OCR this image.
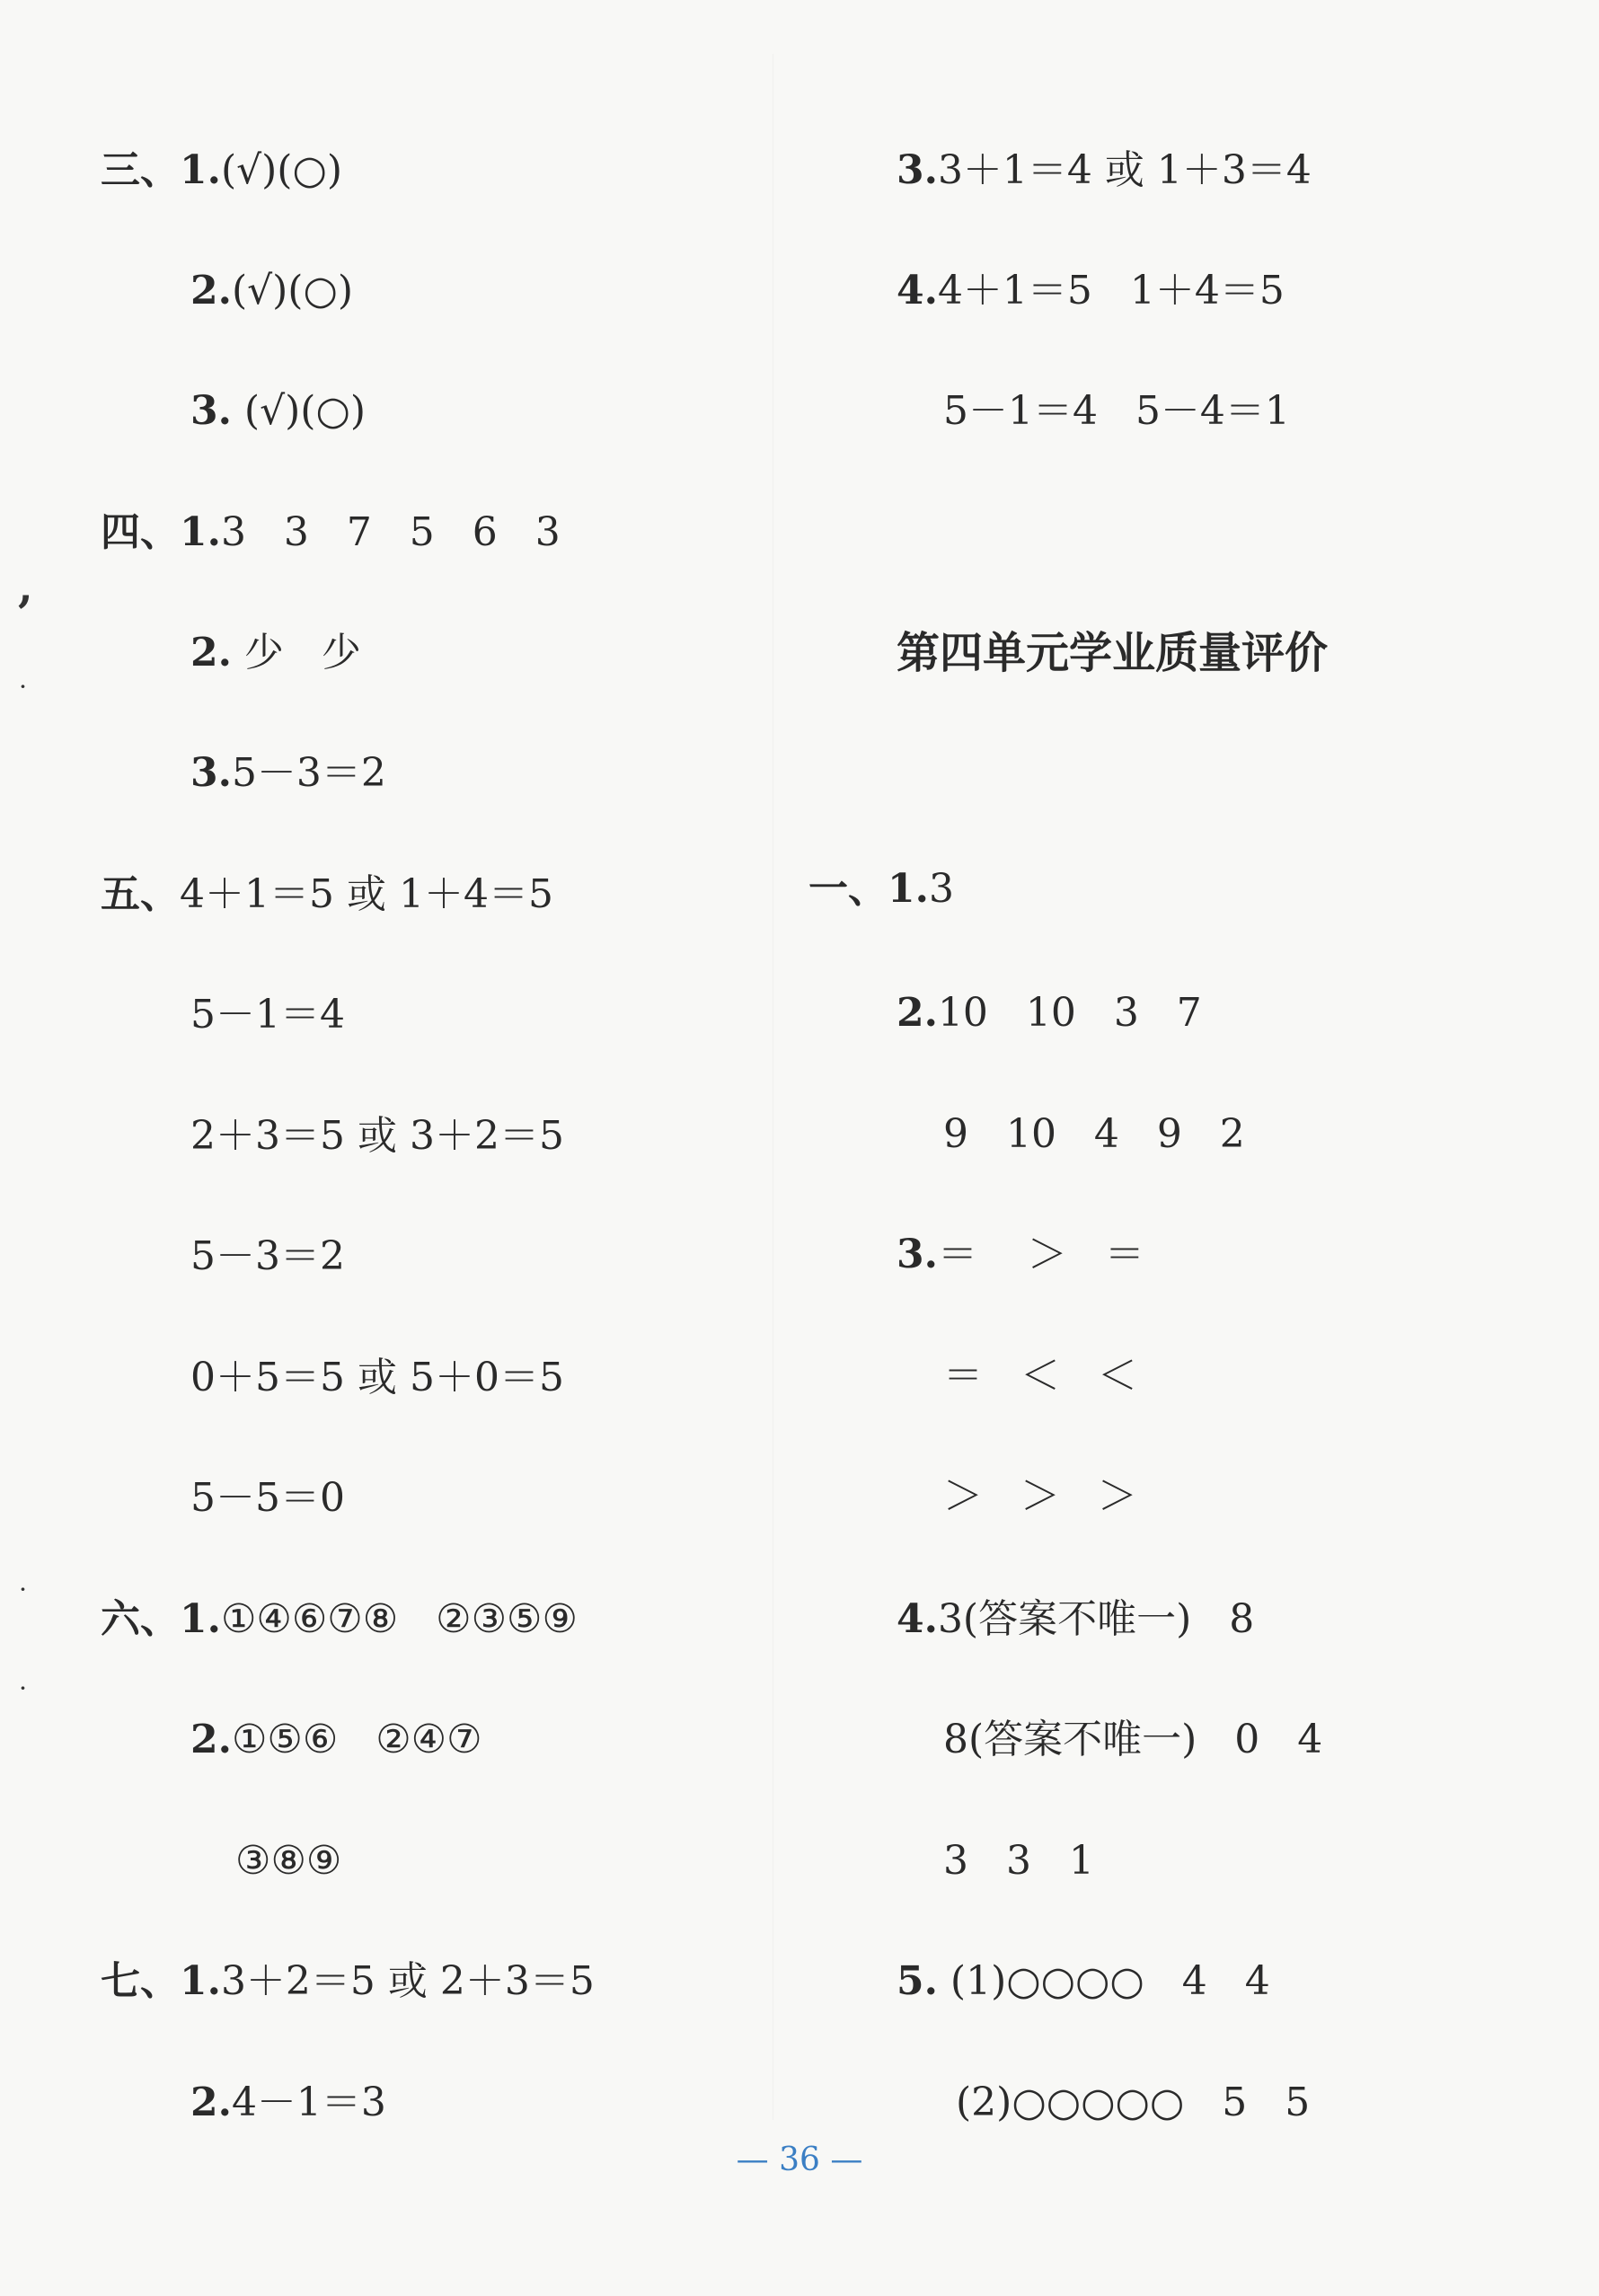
三、1.(√)(○)
2.(√)(○)
3. (√)(○)
四、1.3   3   7   5   6   3
2. 少   少
3.5－3＝2
五、4＋1＝5 或 1＋4＝5
5－1＝4
2＋3＝5 或 3＋2＝5
5－3＝2
0＋5＝5 或 5＋0＝5
5－5＝0
六、1.①④⑥⑦⑧   ②③⑤⑨
2.①⑤⑥   ②④⑦
③⑧⑨
七、1.3＋2＝5 或 2＋3＝5
2.4－1＝3
,
·
·
·
3.3＋1＝4 或 1＋3＝4
4.4＋1＝5   1＋4＝5
5－1＝4   5－4＝1
第四单元学业质量评价
一、1.3
2.10   10   3   7
9   10   4   9   2
3.＝    ＞   ＝
＝   ＜   ＜
＞   ＞   ＞
4.3(答案不唯一)   8
8(答案不唯一)   0   4
3   3   1
5. (1)○○○○   4   4
(2)○○○○○   5   5
— 36 —
